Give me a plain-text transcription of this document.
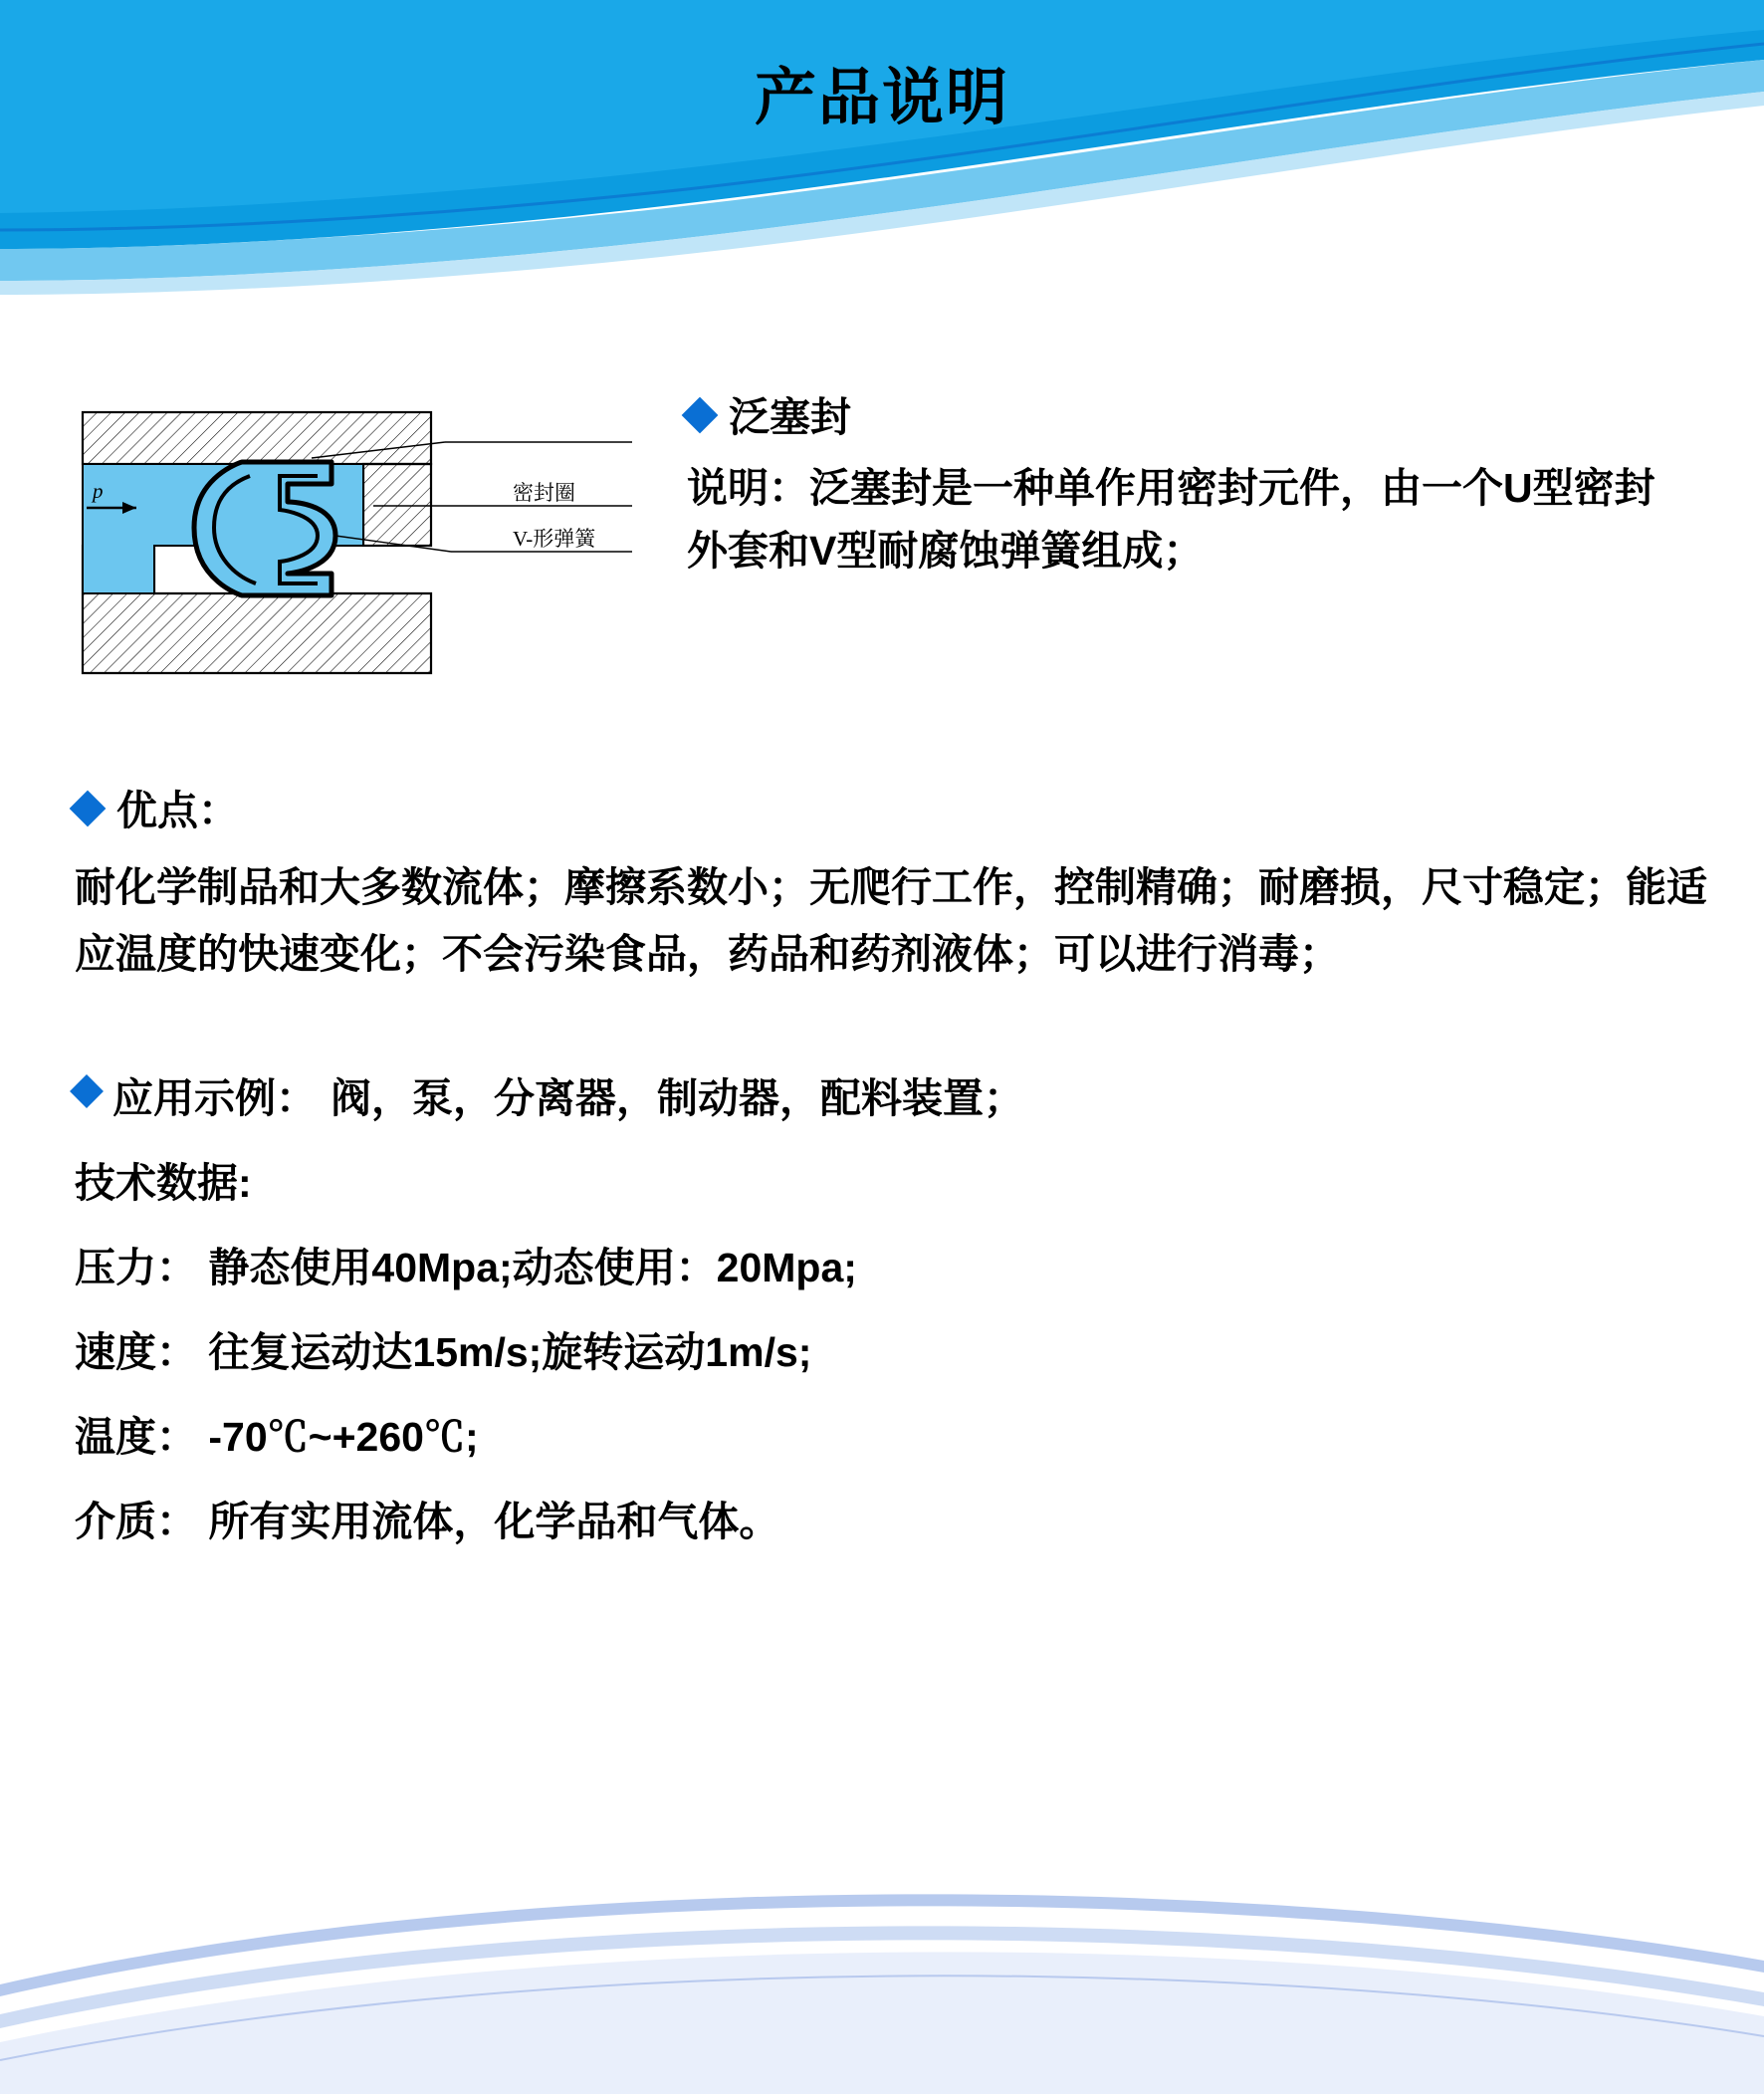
产品说明
p	密封圈
V-形弹簧
泛塞封
说明：泛塞封是一种单作用密封元件，由一个U型密封外套和V型耐腐蚀弹簧组成；
优点：
耐化学制品和大多数流体；摩擦系数小；无爬行工作，控制精确；耐磨损，尺寸稳定；能适应温度的快速变化；不会污染食品，药品和药剂液体；可以进行消毒；
应用示例： 阀，泵，分离器，制动器，配料装置；
技术数据:
压力： 静态使用40Mpa;动态使用：20Mpa;
速度： 往复运动达15m/s;旋转运动1m/s;
温度： -70℃~+260℃;
介质： 所有实用流体，化学品和气体。
